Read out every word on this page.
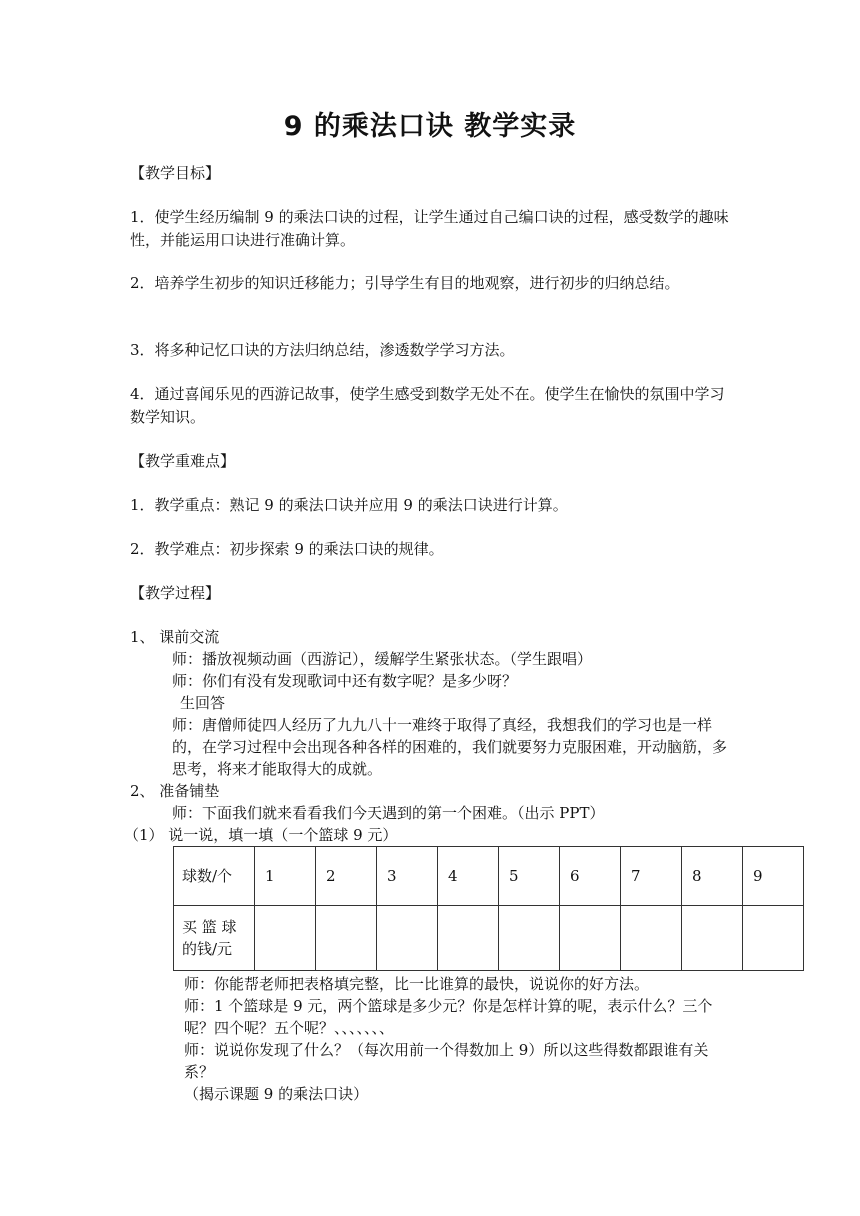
9 的乘法口诀 教学实录
【教学目标】
1．使学生经历编制 9 的乘法口诀的过程，让学生通过自己编口诀的过程，感受数学的趣味性，并能运用口诀进行准确计算。
2．培养学生初步的知识迁移能力；引导学生有目的地观察，进行初步的归纳总结。
3．将多种记忆口诀的方法归纳总结，渗透数学学习方法。
4．通过喜闻乐见的西游记故事，使学生感受到数学无处不在。使学生在愉快的氛围中学习数学知识。
【教学重难点】
1．教学重点：熟记 9 的乘法口诀并应用 9 的乘法口诀进行计算。
2．教学难点：初步探索 9 的乘法口诀的规律。
【教学过程】
1、 课前交流
师：播放视频动画（西游记），缓解学生紧张状态。（学生跟唱）
师：你们有没有发现歌词中还有数字呢？是多少呀？
生回答
师：唐僧师徒四人经历了九九八十一难终于取得了真经，我想我们的学习也是一样的，在学习过程中会出现各种各样的困难的，我们就要努力克服困难，开动脑筋，多思考，将来才能取得大的成就。
2、 准备铺垫
师：下面我们就来看看我们今天遇到的第一个困难。（出示 PPT）
（1） 说一说，填一填（一个篮球 9 元）
球数/个	1	2	3	4	5	6	7	8	9
买 篮 球 的钱/元									
师：你能帮老师把表格填完整，比一比谁算的最快，说说你的好方法。
师：1 个篮球是 9 元，两个篮球是多少元？你是怎样计算的呢，表示什么？三个呢？四个呢？五个呢？、、、、、、、
师：说说你发现了什么？（每次用前一个得数加上 9）所以这些得数都跟谁有关系？
（揭示课题 9 的乘法口诀）
